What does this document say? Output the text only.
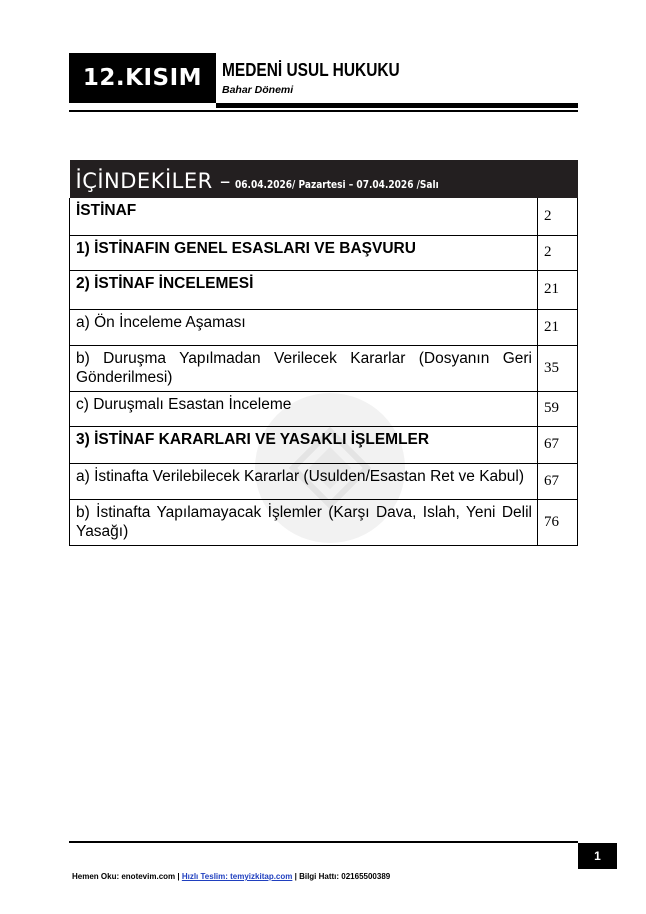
12.KISIM	MEDENİ USUL HUKUKU
Bahar Dönemi
İÇİNDEKİLER – 06.04.2026/ Pazartesi – 07.04.2026 /Salı	
İSTİNAF	2
1) İSTİNAFIN GENEL ESASLARI VE BAŞVURU	2
2) İSTİNAF İNCELEMESİ	21
a) Ön İnceleme Aşaması	21
b) Duruşma Yapılmadan Verilecek Kararlar (Dosyanın Geri Gönderilmesi)	35
c) Duruşmalı Esastan İnceleme	59
3) İSTİNAF KARARLARI VE YASAKLI İŞLEMLER	67
a) İstinafta Verilebilecek Kararlar (Usulden/Esastan Ret ve Kabul)	67
b) İstinafta Yapılamayacak İşlemler (Karşı Dava, Islah, Yeni Delil Yasağı)	76
1
Hemen Oku: enotevim.com | Hızlı Teslim: temyizkitap.com | Bilgi Hattı: 02165500389
